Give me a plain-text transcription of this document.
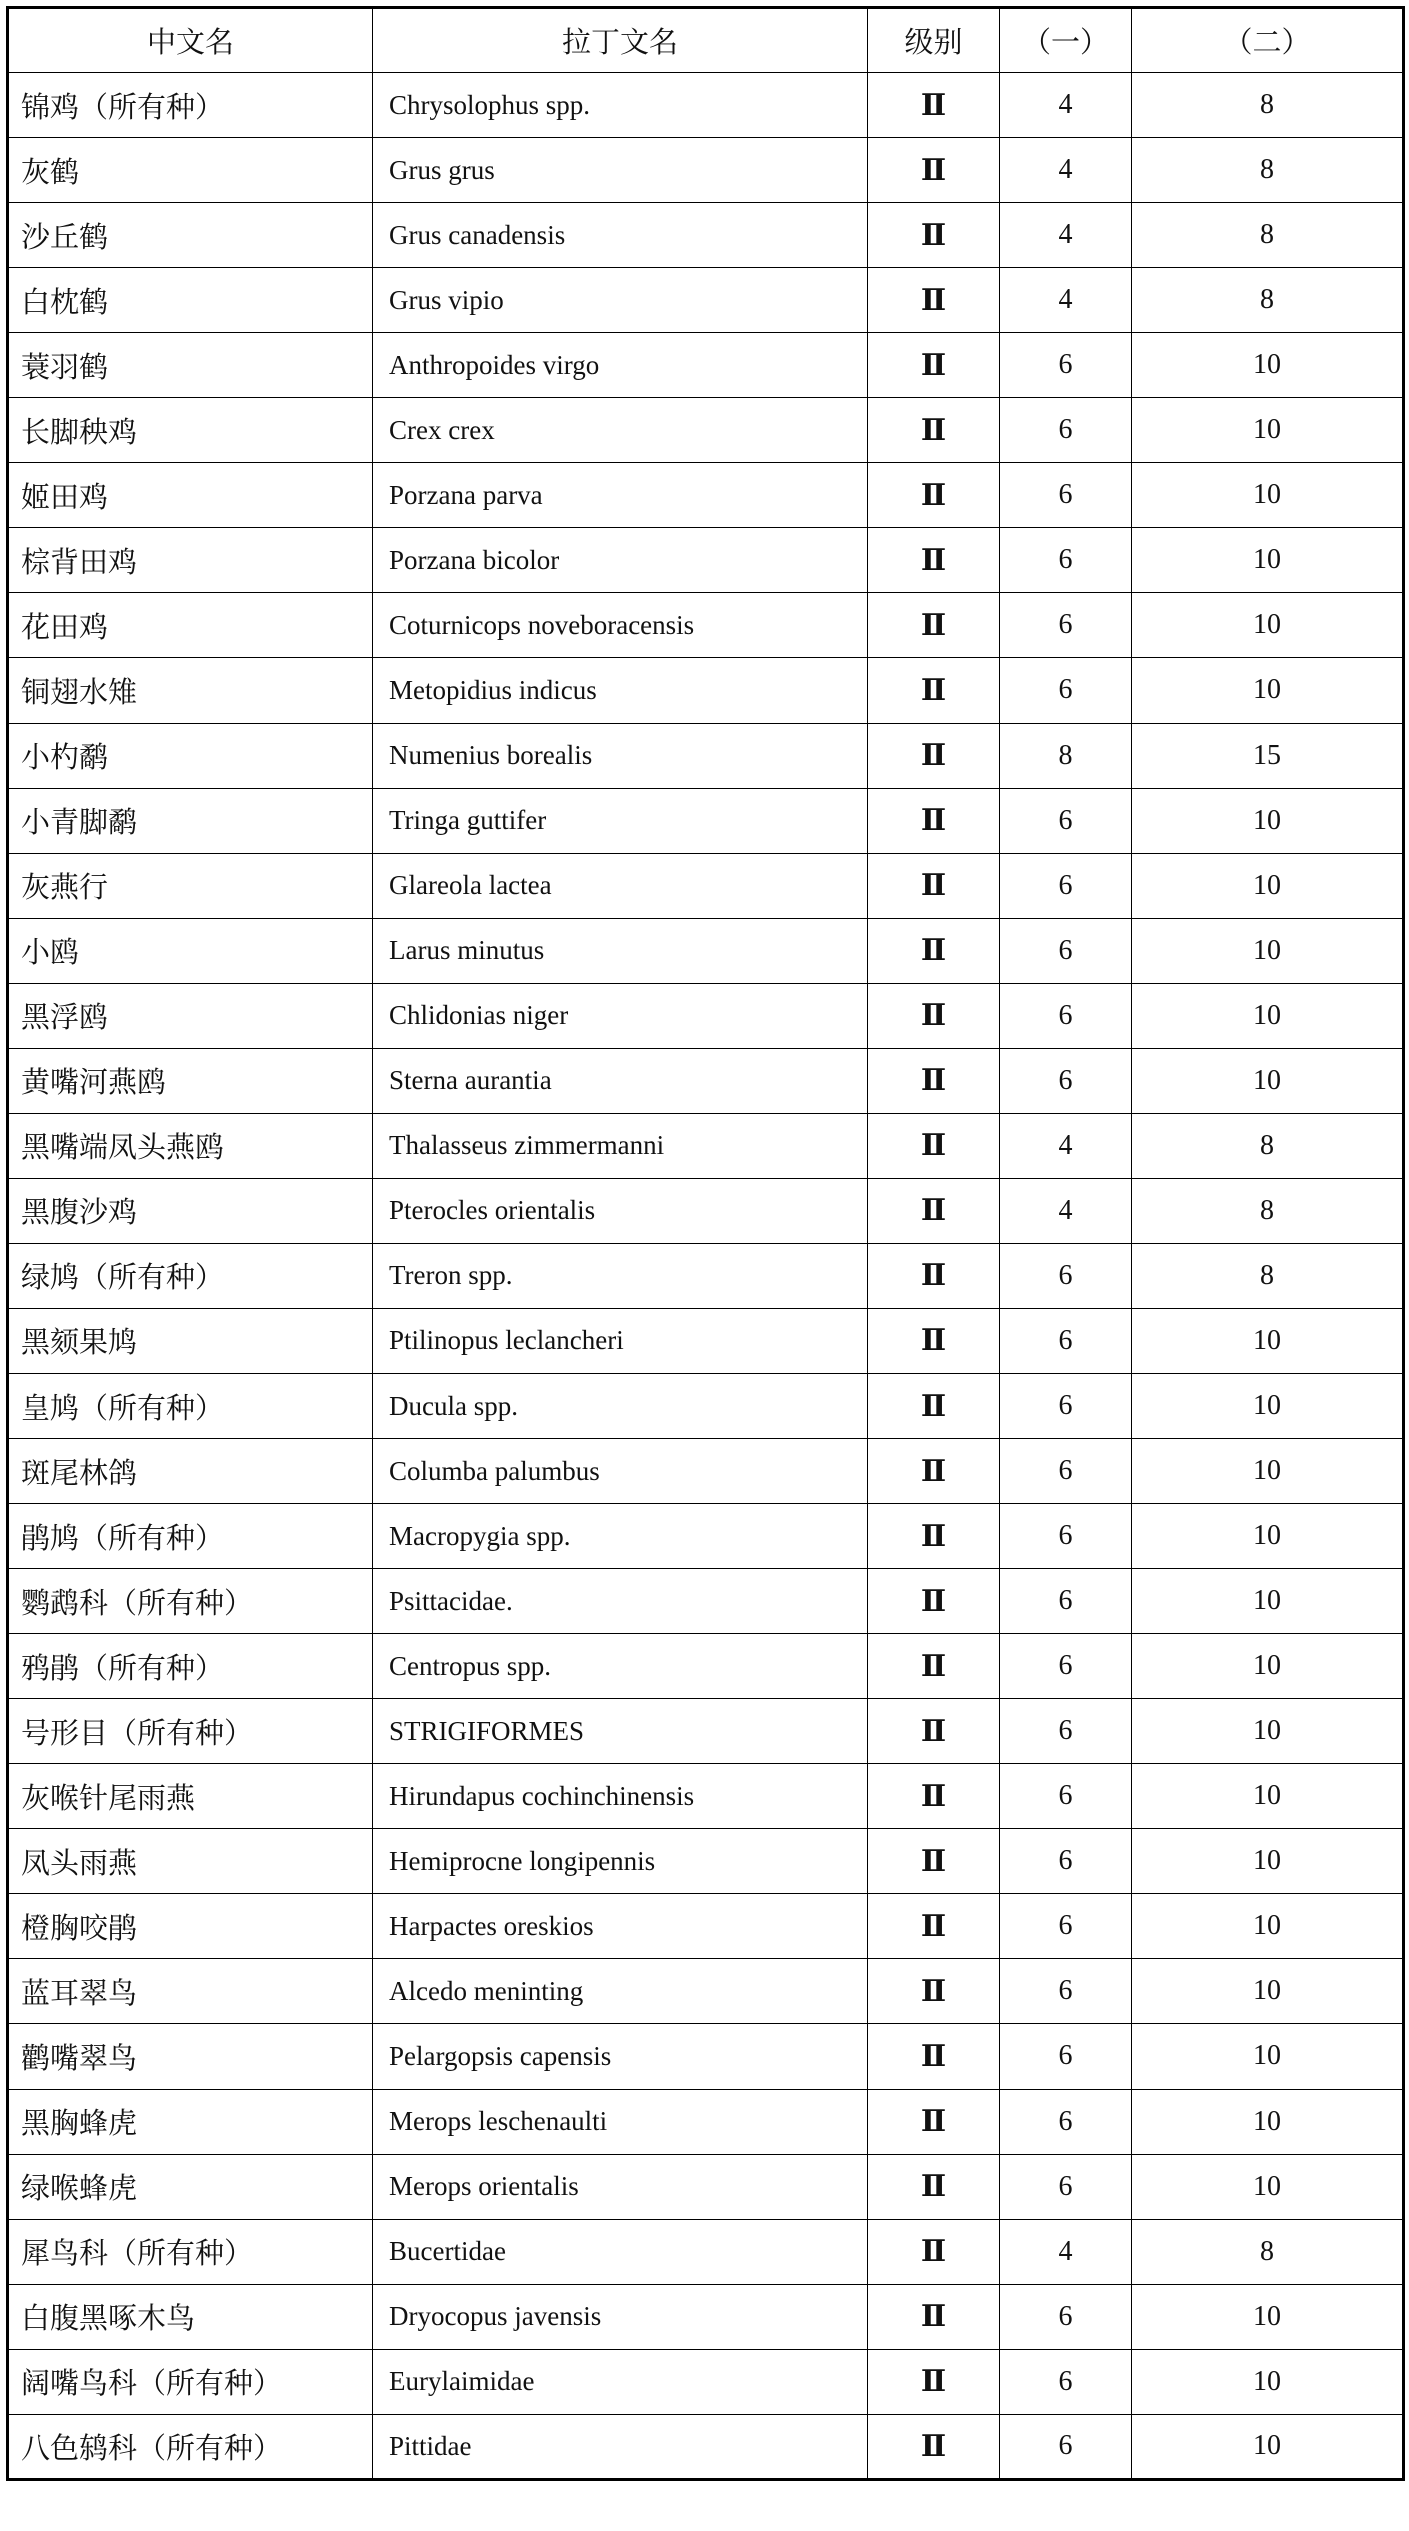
中文名	拉丁文名	级别	（一）	（二）
锦鸡（所有种）	Chrysolophus spp.	Ⅱ	4	8
灰鹤	Grus grus	Ⅱ	4	8
沙丘鹤	Grus canadensis	Ⅱ	4	8
白枕鹤	Grus vipio	Ⅱ	4	8
蓑羽鹤	Anthropoides virgo	Ⅱ	6	10
长脚秧鸡	Crex crex	Ⅱ	6	10
姬田鸡	Porzana parva	Ⅱ	6	10
棕背田鸡	Porzana bicolor	Ⅱ	6	10
花田鸡	Coturnicops noveboracensis	Ⅱ	6	10
铜翅水雉	Metopidius indicus	Ⅱ	6	10
小杓鹬	Numenius borealis	Ⅱ	8	15
小青脚鹬	Tringa guttifer	Ⅱ	6	10
灰燕行	Glareola lactea	Ⅱ	6	10
小鸥	Larus minutus	Ⅱ	6	10
黑浮鸥	Chlidonias niger	Ⅱ	6	10
黄嘴河燕鸥	Sterna aurantia	Ⅱ	6	10
黑嘴端凤头燕鸥	Thalasseus zimmermanni	Ⅱ	4	8
黑腹沙鸡	Pterocles orientalis	Ⅱ	4	8
绿鸠（所有种）	Treron spp.	Ⅱ	6	8
黑颏果鸠	Ptilinopus leclancheri	Ⅱ	6	10
皇鸠（所有种）	Ducula spp.	Ⅱ	6	10
斑尾林鸽	Columba palumbus	Ⅱ	6	10
鹃鸠（所有种）	Macropygia spp.	Ⅱ	6	10
鹦鹉科（所有种）	Psittacidae.	Ⅱ	6	10
鸦鹃（所有种）	Centropus spp.	Ⅱ	6	10
号形目（所有种）	STRIGIFORMES	Ⅱ	6	10
灰喉针尾雨燕	Hirundapus cochinchinensis	Ⅱ	6	10
凤头雨燕	Hemiprocne longipennis	Ⅱ	6	10
橙胸咬鹃	Harpactes oreskios	Ⅱ	6	10
蓝耳翠鸟	Alcedo meninting	Ⅱ	6	10
鹳嘴翠鸟	Pelargopsis capensis	Ⅱ	6	10
黑胸蜂虎	Merops leschenaulti	Ⅱ	6	10
绿喉蜂虎	Merops orientalis	Ⅱ	6	10
犀鸟科（所有种）	Bucertidae	Ⅱ	4	8
白腹黑啄木鸟	Dryocopus javensis	Ⅱ	6	10
阔嘴鸟科（所有种）	Eurylaimidae	Ⅱ	6	10
八色鸫科（所有种）	Pittidae	Ⅱ	6	10
